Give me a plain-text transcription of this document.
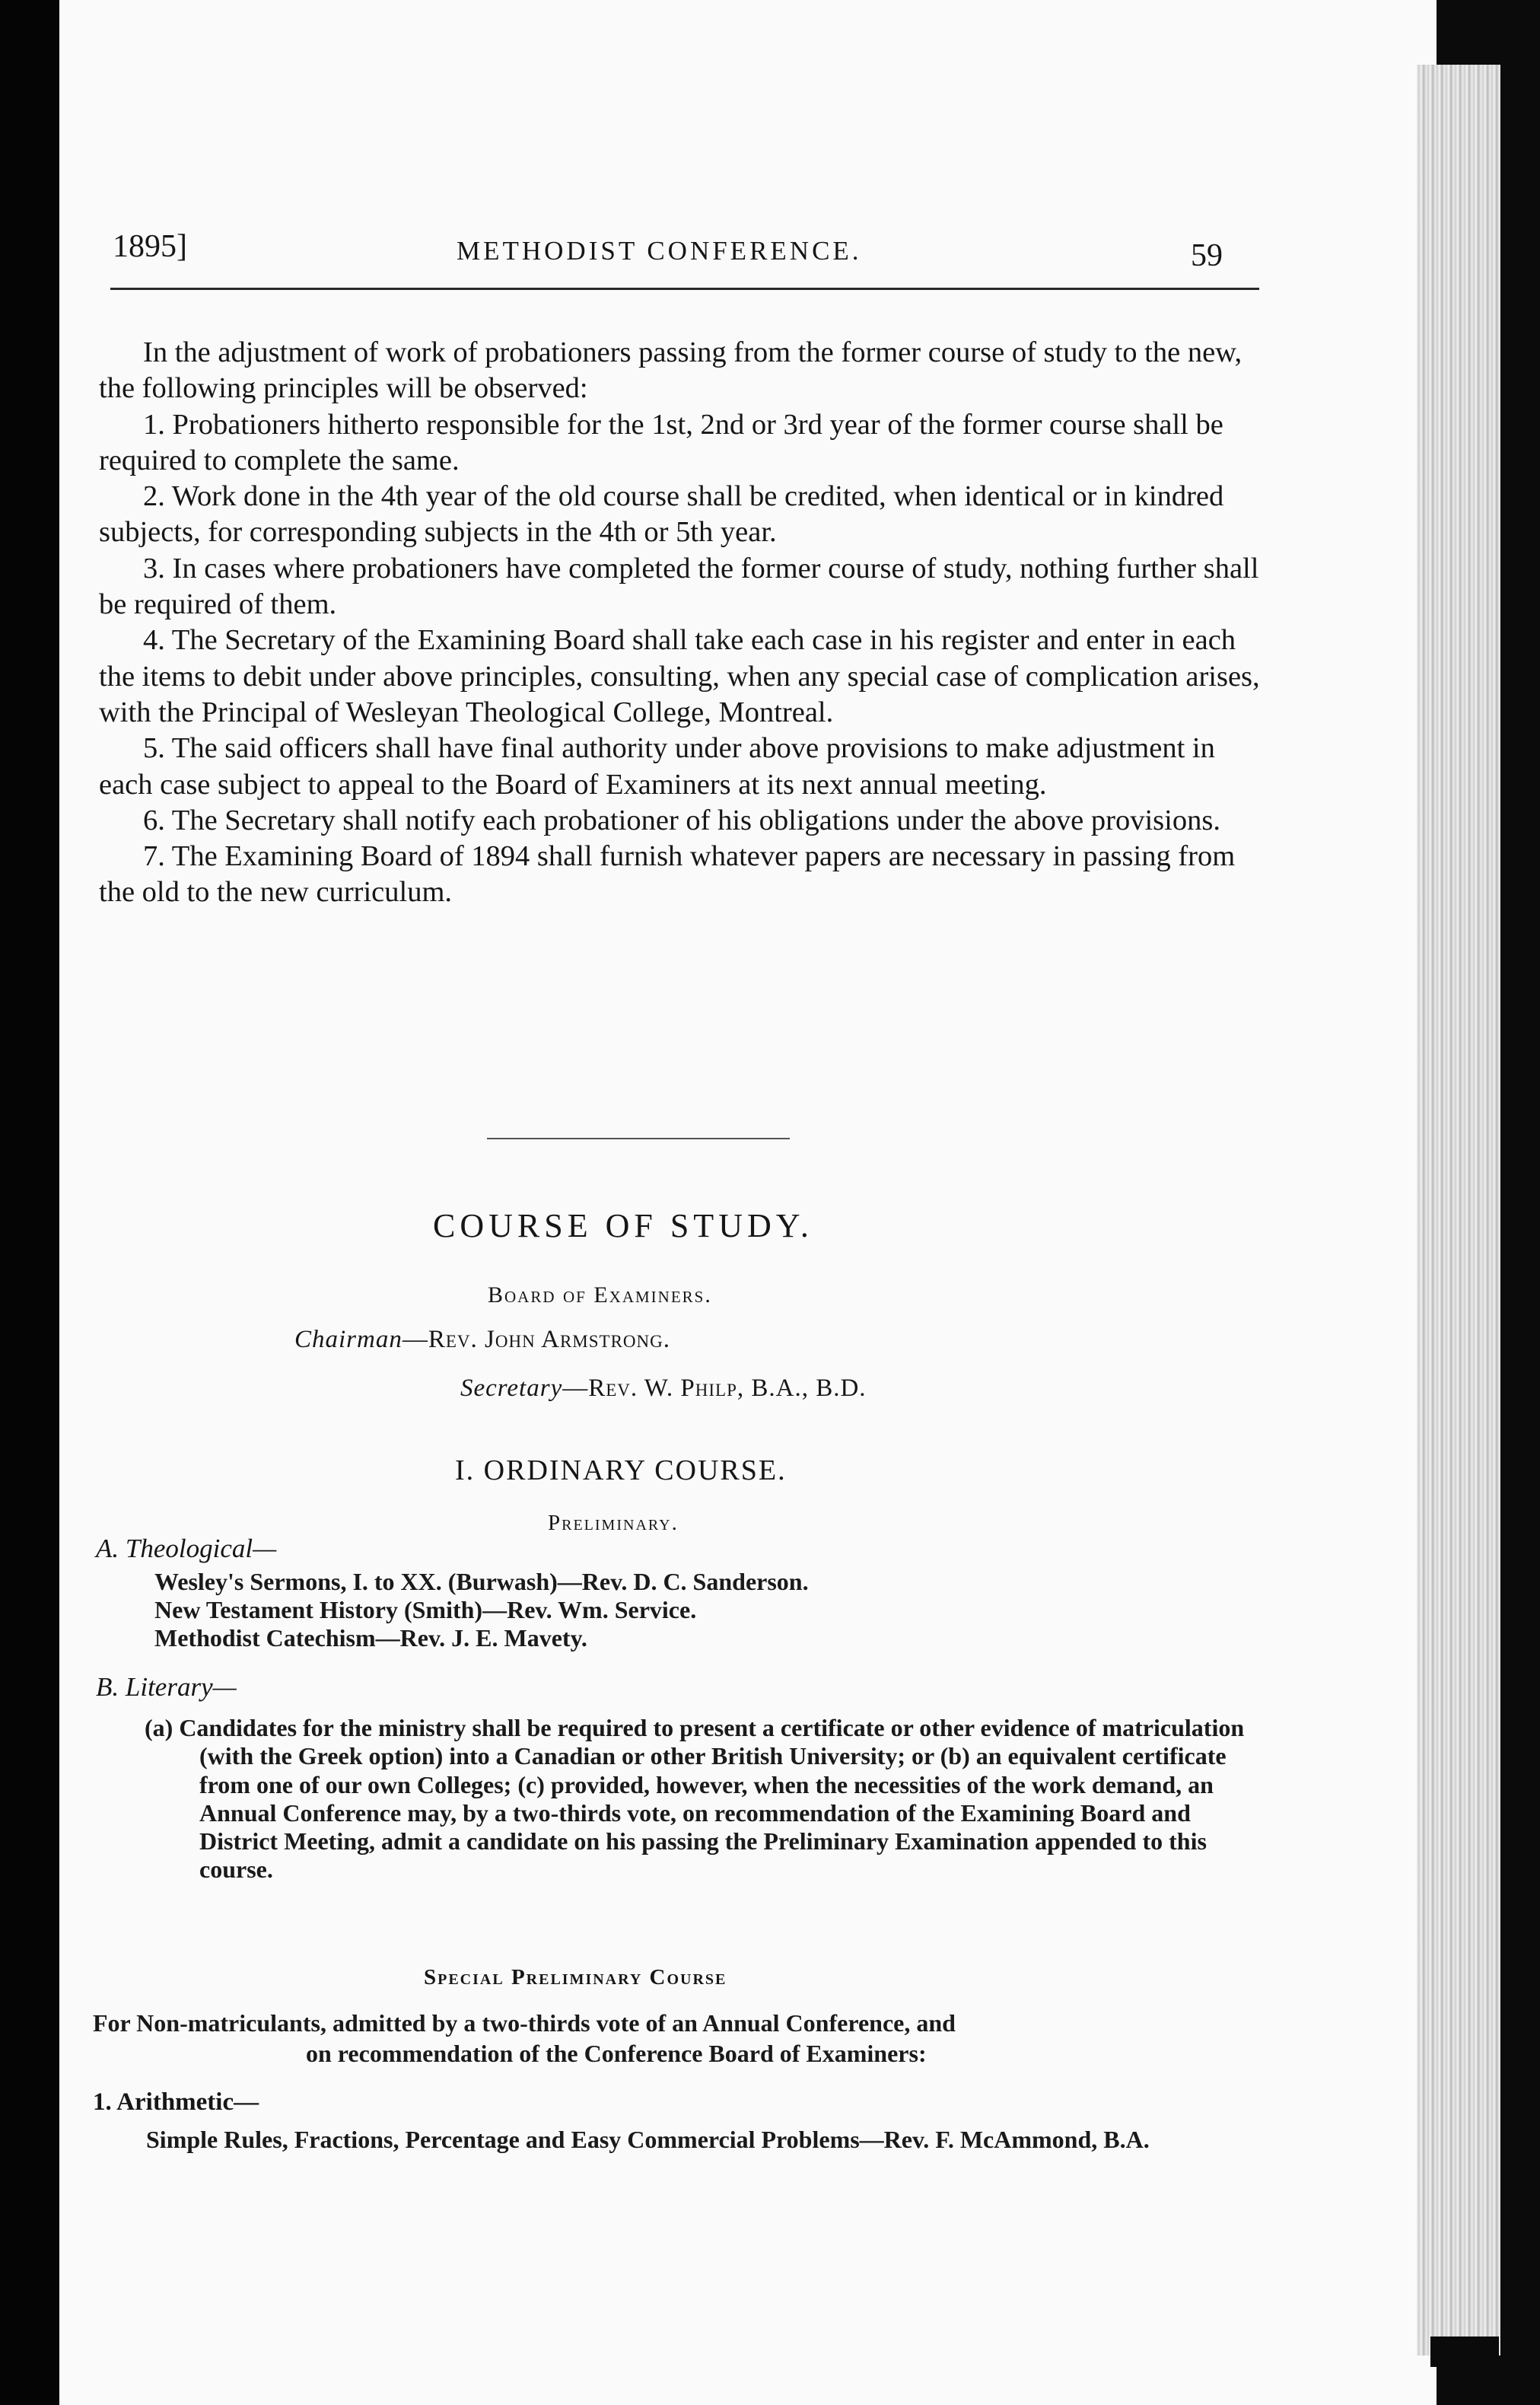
1895]	METHODIST CONFERENCE.	59

In the adjustment of work of probationers passing from the former course of study to the new, the following principles will be observed:

1. Probationers hitherto responsible for the 1st, 2nd or 3rd year of the former course shall be required to complete the same.

2. Work done in the 4th year of the old course shall be credited, when identical or in kindred subjects, for corresponding subjects in the 4th or 5th year.

3. In cases where probationers have completed the former course of study, nothing further shall be required of them.

4. The Secretary of the Examining Board shall take each case in his register and enter in each the items to debit under above principles, consulting, when any special case of complication arises, with the Principal of Wesleyan Theological College, Montreal.

5. The said officers shall have final authority under above provisions to make adjustment in each case subject to appeal to the Board of Examiners at its next annual meeting.

6. The Secretary shall notify each probationer of his obligations under the above provisions.

7. The Examining Board of 1894 shall furnish whatever papers are necessary in passing from the old to the new curriculum.

COURSE OF STUDY.
Board of Examiners.
Chairman—Rev. John Armstrong.
Secretary—Rev. W. Philp, B.A., B.D.
I. ORDINARY COURSE.
Preliminary.
A. Theological—

Wesley's Sermons, I. to XX. (Burwash)—Rev. D. C. Sanderson.

New Testament History (Smith)—Rev. Wm. Service.

Methodist Catechism—Rev. J. E. Mavety.

B. Literary—

(a) Candidates for the ministry shall be required to present a certificate or other evidence of matriculation (with the Greek option) into a Canadian or other British University; or (b) an equivalent certificate from one of our own Colleges; (c) provided, however, when the necessities of the work demand, an Annual Conference may, by a two-thirds vote, on recommendation of the Examining Board and District Meeting, admit a candidate on his passing the Preliminary Examination appended to this course.

Special Preliminary Course

For Non-matriculants, admitted by a two-thirds vote of an Annual Conference, and

on recommendation of the Conference Board of Examiners:

1. Arithmetic—

Simple Rules, Fractions, Percentage and Easy Commercial Problems—Rev. F. McAmmond, B.A.
